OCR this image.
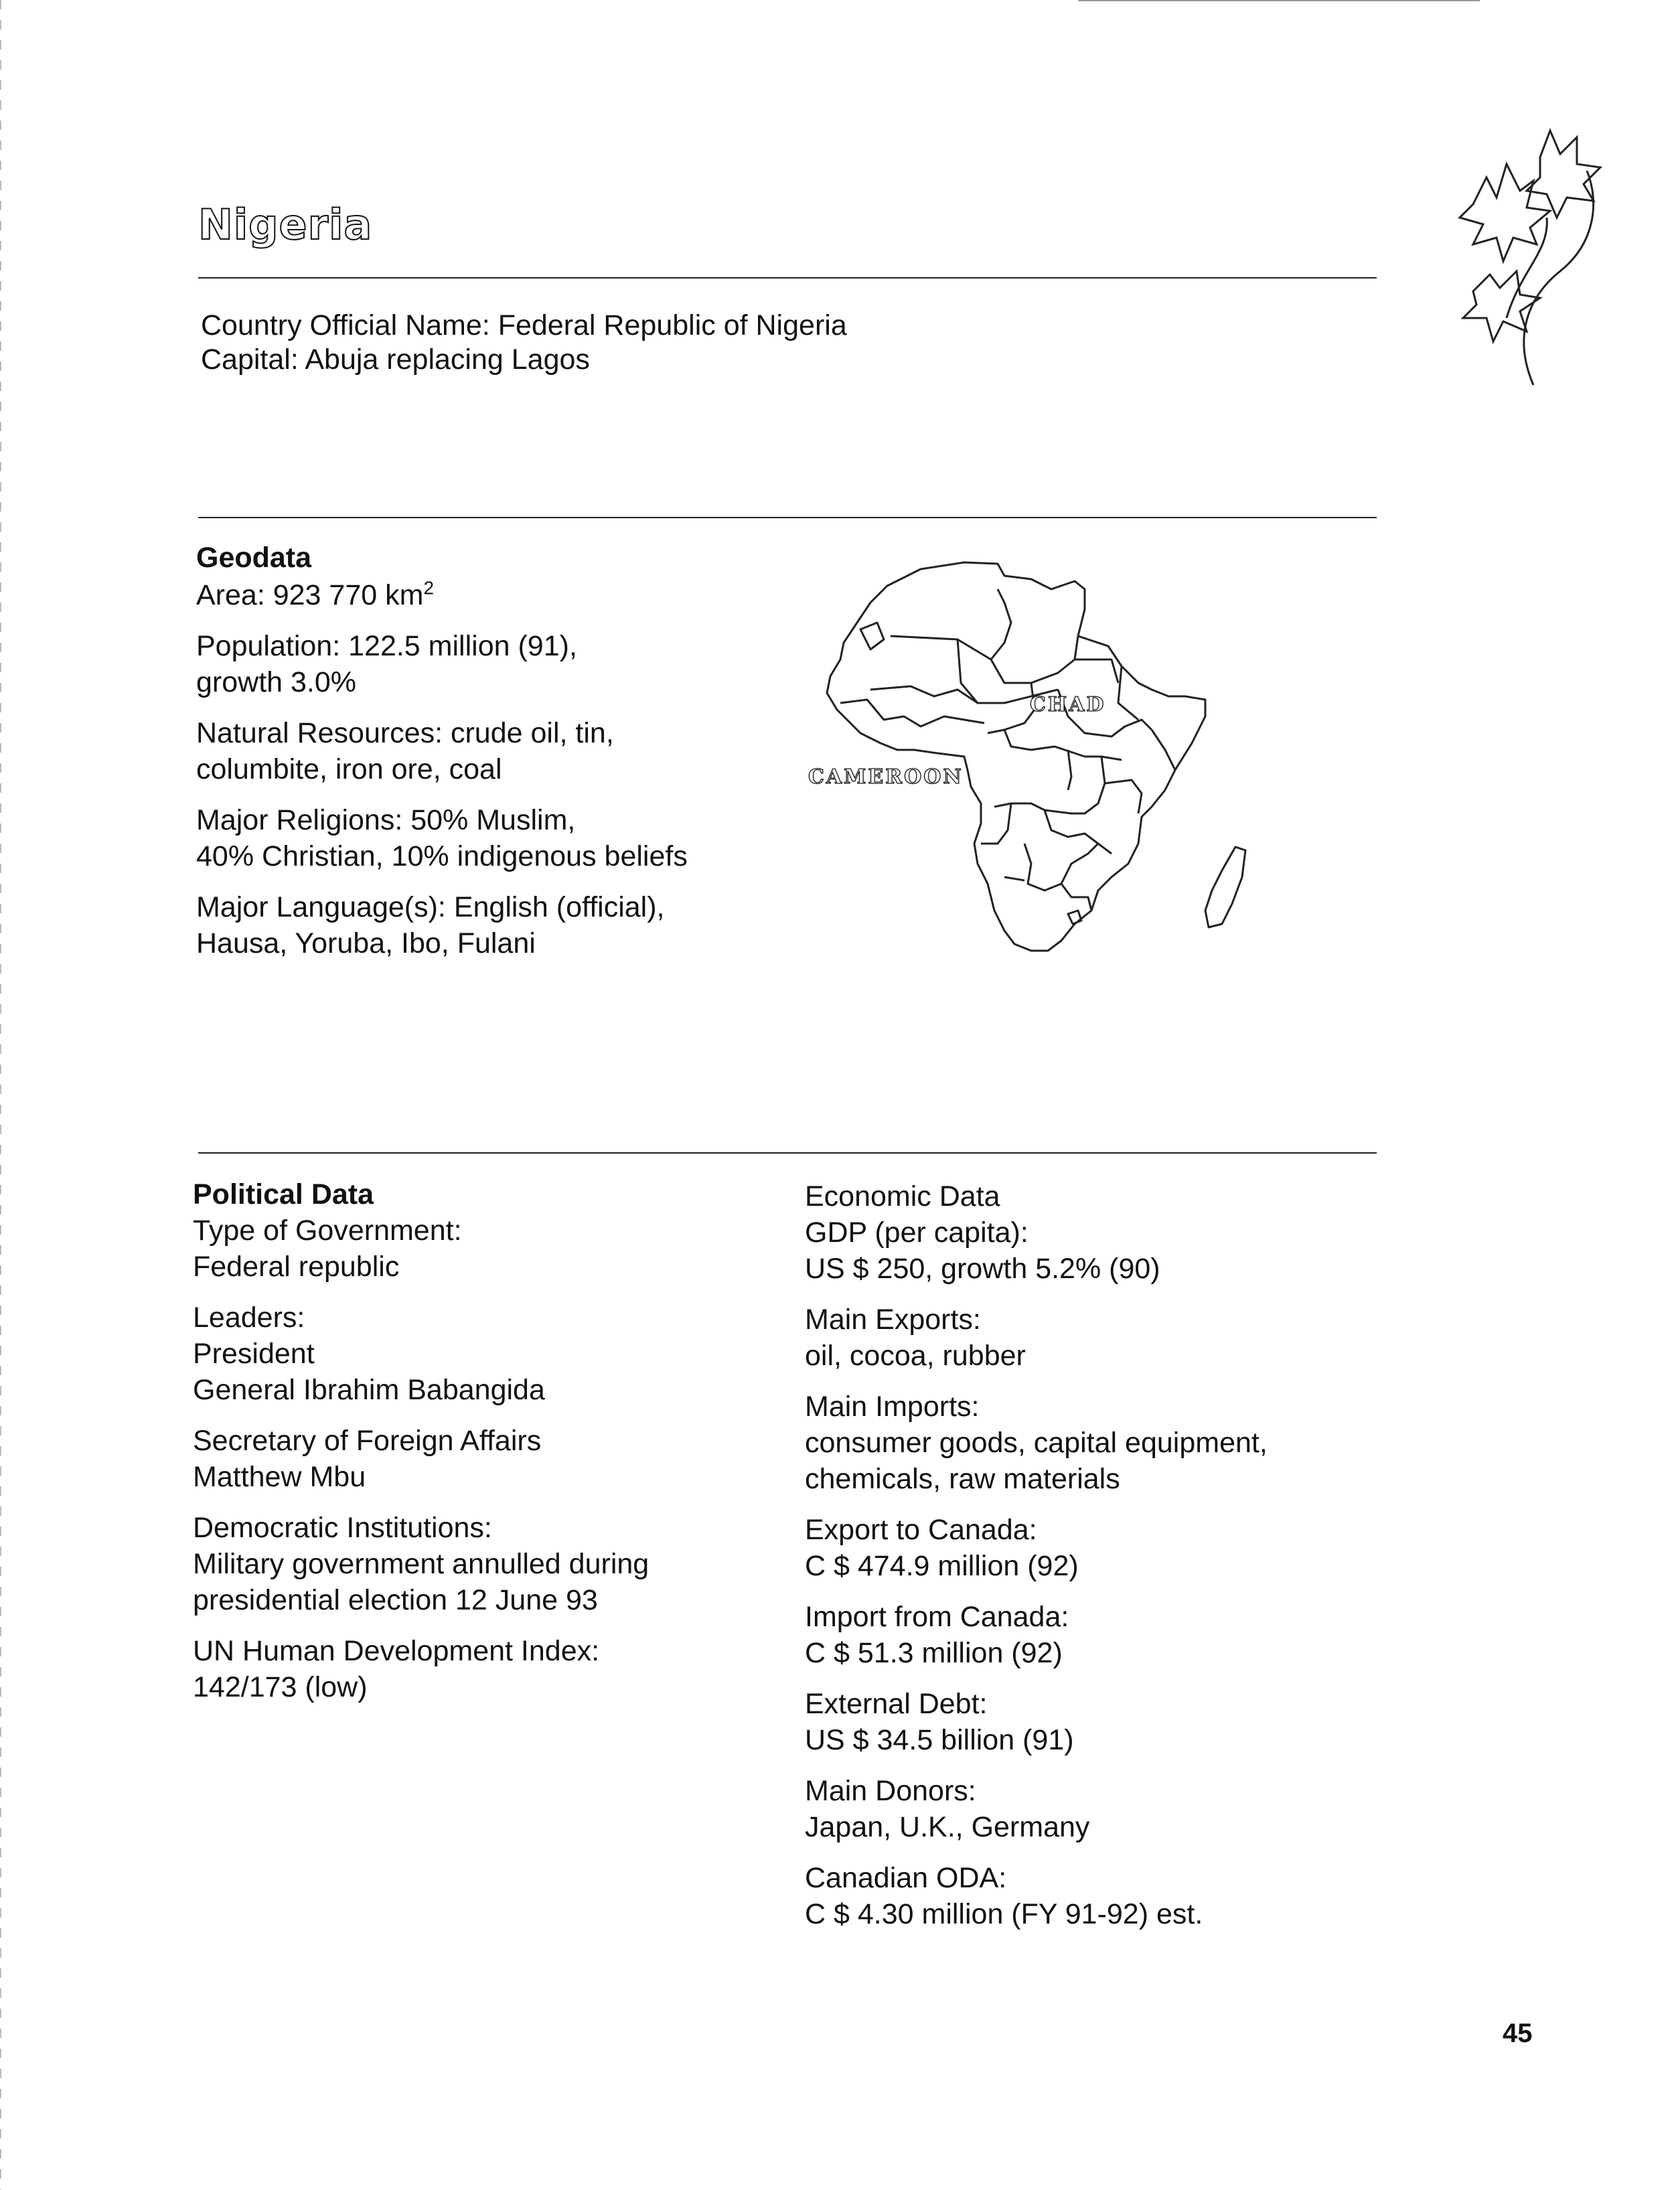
Nigeria
Country Official Name: Federal Republic of Nigeria
Capital: Abuja replacing Lagos
Geodata
Area: 923 770 $km^2$
Population: 122.5 million (91),
growth 3.0%
Natural Resources: crude oil, tin,
columbite, iron ore, coal
Major Religions: 50% Muslim,
40% Christian, 10% indigenous beliefs
Major Language(s): English (official),
Hausa, Yoruba, Ibo, Fulani
CHAD
CAMEROON
Political Data
Type of Government:
Federal republic
Leaders:
President
General Ibrahim Babangida
Secretary of Foreign Affairs
Matthew Mbu
Democratic Institutions:
Military government annulled during
presidential election 12 June 93
UN Human Development Index:
142/173 (low)
Economic Data
GDP (per capita):
US $ 250, growth 5.2% (90)
Main Exports:
oil, cocoa, rubber
Main Imports:
consumer goods, capital equipment,
chemicals, raw materials
Export to Canada:
C $ 474.9 million (92)
Import from Canada:
C $ 51.3 million (92)
External Debt:
US $ 34.5 billion (91)
Main Donors:
Japan, U.K., Germany
Canadian ODA:
C $ 4.30 million (FY 91-92) est.
45
